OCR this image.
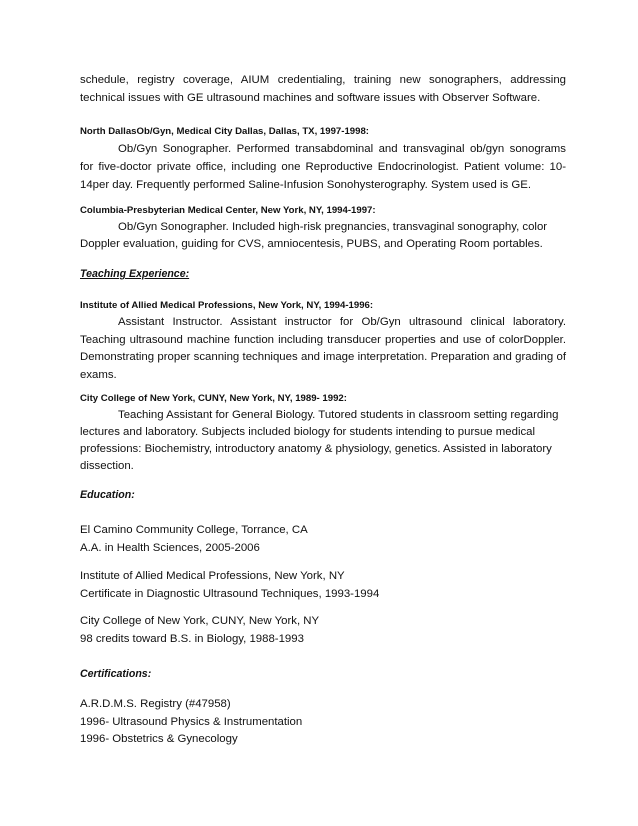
schedule, registry coverage, AIUM credentialing, training new sonographers, addressing technical issues with GE ultrasound machines and software issues with Observer Software.

North DallasOb/Gyn, Medical City Dallas, Dallas, TX, 1997-1998:

Ob/Gyn Sonographer. Performed transabdominal and transvaginal ob/gyn sonograms for five-doctor private office, including one Reproductive Endocrinologist. Patient volume: 10-14per day. Frequently performed Saline-Infusion Sonohysterography. System used is GE.

Columbia-Presbyterian Medical Center, New York, NY, 1994-1997:

Ob/Gyn Sonographer. Included high-risk pregnancies, transvaginal sonography, color Doppler evaluation, guiding for CVS, amniocentesis, PUBS, and Operating Room portables.

Teaching Experience:

Institute of Allied Medical Professions, New York, NY, 1994-1996:

Assistant Instructor. Assistant instructor for Ob/Gyn ultrasound clinical laboratory. Teaching ultrasound machine function including transducer properties and use of colorDoppler. Demonstrating proper scanning techniques and image interpretation. Preparation and grading of exams.

City College of New York, CUNY, New York, NY, 1989- 1992:

Teaching Assistant for General Biology. Tutored students in classroom setting regarding lectures and laboratory. Subjects included biology for students intending to pursue medical professions: Biochemistry, introductory anatomy & physiology, genetics. Assisted in laboratory dissection.

Education:

El Camino Community College, Torrance, CA

A.A. in Health Sciences, 2005-2006

Institute of Allied Medical Professions, New York, NY

Certificate in Diagnostic Ultrasound Techniques, 1993-1994

City College of New York, CUNY, New York, NY

98 credits toward B.S. in Biology, 1988-1993

Certifications:

A.R.D.M.S. Registry (#47958)

1996- Ultrasound Physics & Instrumentation

1996- Obstetrics & Gynecology
